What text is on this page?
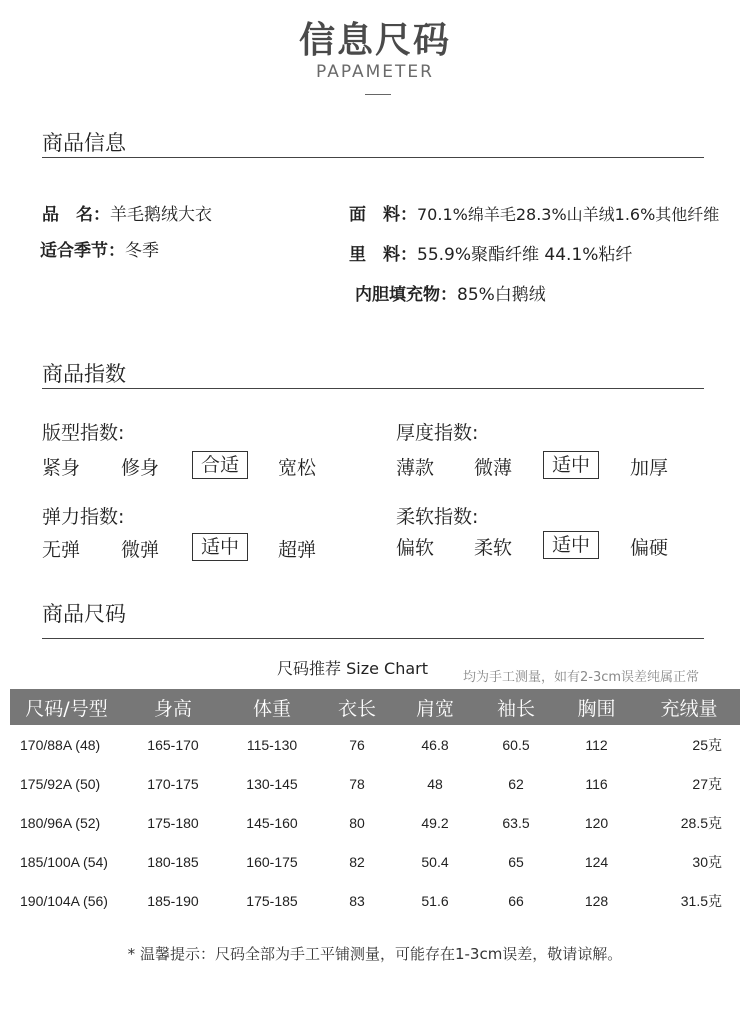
信息尺码
PAPAMETER
商品信息
品　名：羊毛鹅绒大衣
适合季节：冬季
面　料：70.1%绵羊毛28.3%山羊绒1.6%其他纤维
里　料：55.9%聚酯纤维 44.1%粘纤
内胆填充物：85%白鹅绒
商品指数
版型指数:
紧身 修身	合适	宽松
厚度指数:
薄款 微薄	适中	加厚
弹力指数:
无弹 微弹	适中	超弹
柔软指数:
偏软 柔软	适中	偏硬
商品尺码
尺码推荐 Size Chart	均为手工测量，如有2-3cm误差纯属正常
尺码/号型	身高	体重	衣长	肩宽	袖长	胸围	充绒量
170/88A (48)	165-170	115-130	76	46.8	60.5	112	25克
175/92A (50)	170-175	130-145	78	48	62	116	27克
180/96A (52)	175-180	145-160	80	49.2	63.5	120	28.5克
185/100A (54)	180-185	160-175	82	50.4	65	124	30克
190/104A (56)	185-190	175-185	83	51.6	66	128	31.5克
* 温馨提示：尺码全部为手工平铺测量，可能存在1-3cm误差，敬请谅解。
